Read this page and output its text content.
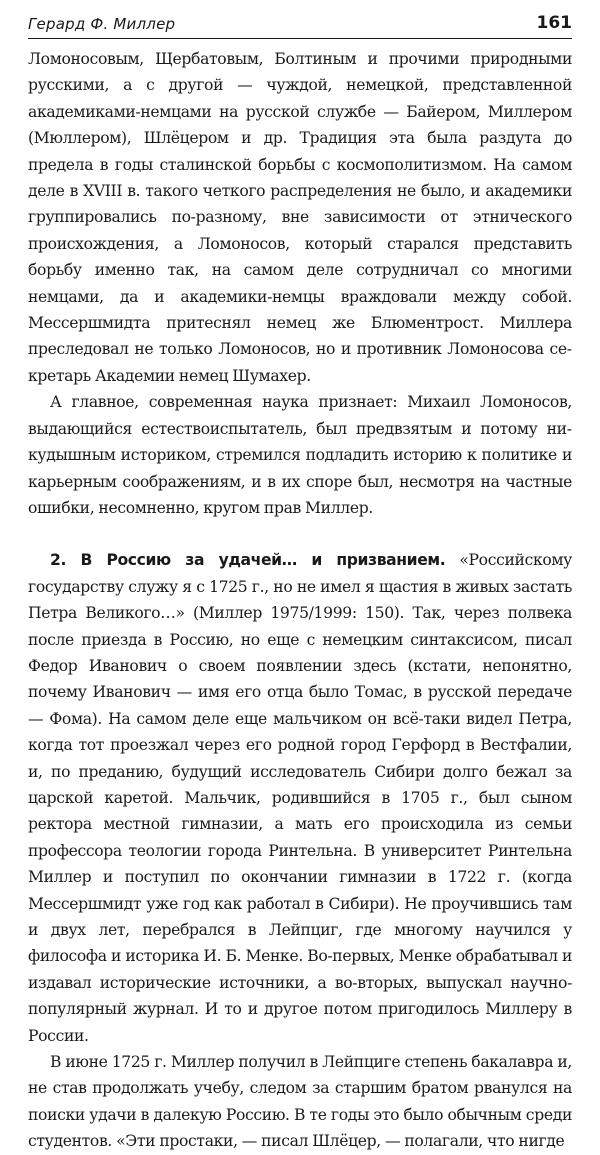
Герард Ф. Миллер	161

Ломоносовым, Щербатовым, Болтиным и прочими природными русскими, а с другой — чуждой, немецкой, представленной академиками-немцами на русской службе — Байером, Миллером (Мюллером), Шлёцером и др. Традиция эта была раздута до предела в годы сталинской борьбы с космополитизмом. На самом деле в XVIII в. такого четкого распределения не было, и академики группировались по-разному, вне зависимости от этнического происхождения, а Ломоносов, который старался представить борьбу именно так, на самом деле сотрудничал со многими немцами, да и академики-немцы враждовали между собой. Мессершмидта притеснял немец же Блюментрост. Миллера преследовал не только Ломоносов, но и противник Ломоносова секретарь Академии немец Шумахер.

А главное, современная наука признает: Михаил Ломоносов, выдающийся естествоиспытатель, был предвзятым и потому никудышным историком, стремился подладить историю к политике и карьерным соображениям, и в их споре был, несмотря на частные ошибки, несомненно, кругом прав Миллер.

2. В Россию за удачей… и призванием. «Российскому государству служу я с 1725 г., но не имел я щастия в живых застать Петра Великого…» (Миллер 1975/1999: 150). Так, через полвека после приезда в Россию, но еще с немецким синтаксисом, писал Федор Иванович о своем появлении здесь (кстати, непонятно, почему Иванович — имя его отца было Томас, в русской передаче — Фома). На самом деле еще мальчиком он всё-таки видел Петра, когда тот проезжал через его родной город Герфорд в Вестфалии, и, по преданию, будущий исследователь Сибири долго бежал за царской каретой. Мальчик, родившийся в 1705 г., был сыном ректора местной гимназии, а мать его происходила из семьи профессора теологии города Ринтельна. В университет Ринтельна Миллер и поступил по окончании гимназии в 1722 г. (когда Мессершмидт уже год как работал в Сибири). Не проучившись там и двух лет, перебрался в Лейпциг, где многому научился у философа и историка И. Б. Менке. Во-первых, Менке обрабатывал и издавал исторические источники, а во-вторых, выпускал научно-популярный журнал. И то и другое потом пригодилось Миллеру в России.

В июне 1725 г. Миллер получил в Лейпциге степень бакалавра и, не став продолжать учебу, следом за старшим братом рванулся на поиски удачи в далекую Россию. В те годы это было обычным среди студентов. «Эти простаки, — писал Шлёцер, — полагали, что нигде
